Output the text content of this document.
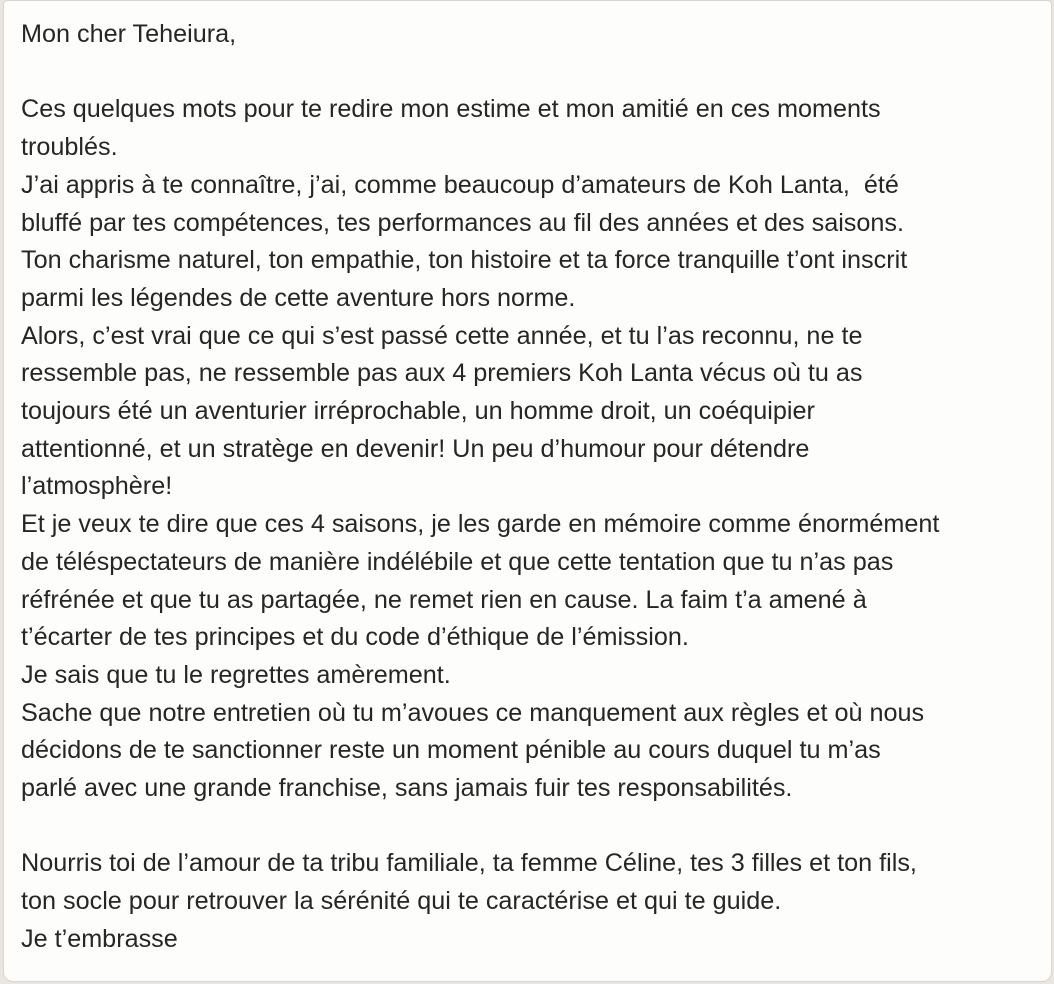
Mon cher Teheiura,
Ces quelques mots pour te redire mon estime et mon amitié en ces moments
troublés.
J’ai appris à te connaître, j’ai, comme beaucoup d’amateurs de Koh Lanta,  été
bluffé par tes compétences, tes performances au fil des années et des saisons.
Ton charisme naturel, ton empathie, ton histoire et ta force tranquille t’ont inscrit
parmi les légendes de cette aventure hors norme.
Alors, c’est vrai que ce qui s’est passé cette année, et tu l’as reconnu, ne te
ressemble pas, ne ressemble pas aux 4 premiers Koh Lanta vécus où tu as
toujours été un aventurier irréprochable, un homme droit, un coéquipier
attentionné, et un stratège en devenir! Un peu d’humour pour détendre
l’atmosphère!
Et je veux te dire que ces 4 saisons, je les garde en mémoire comme énormément
de téléspectateurs de manière indélébile et que cette tentation que tu n’as pas
réfrénée et que tu as partagée, ne remet rien en cause. La faim t’a amené à
t’écarter de tes principes et du code d’éthique de l’émission.
Je sais que tu le regrettes amèrement.
Sache que notre entretien où tu m’avoues ce manquement aux règles et où nous
décidons de te sanctionner reste un moment pénible au cours duquel tu m’as
parlé avec une grande franchise, sans jamais fuir tes responsabilités.
Nourris toi de l’amour de ta tribu familiale, ta femme Céline, tes 3 filles et ton fils,
ton socle pour retrouver la sérénité qui te caractérise et qui te guide.
Je t’embrasse
